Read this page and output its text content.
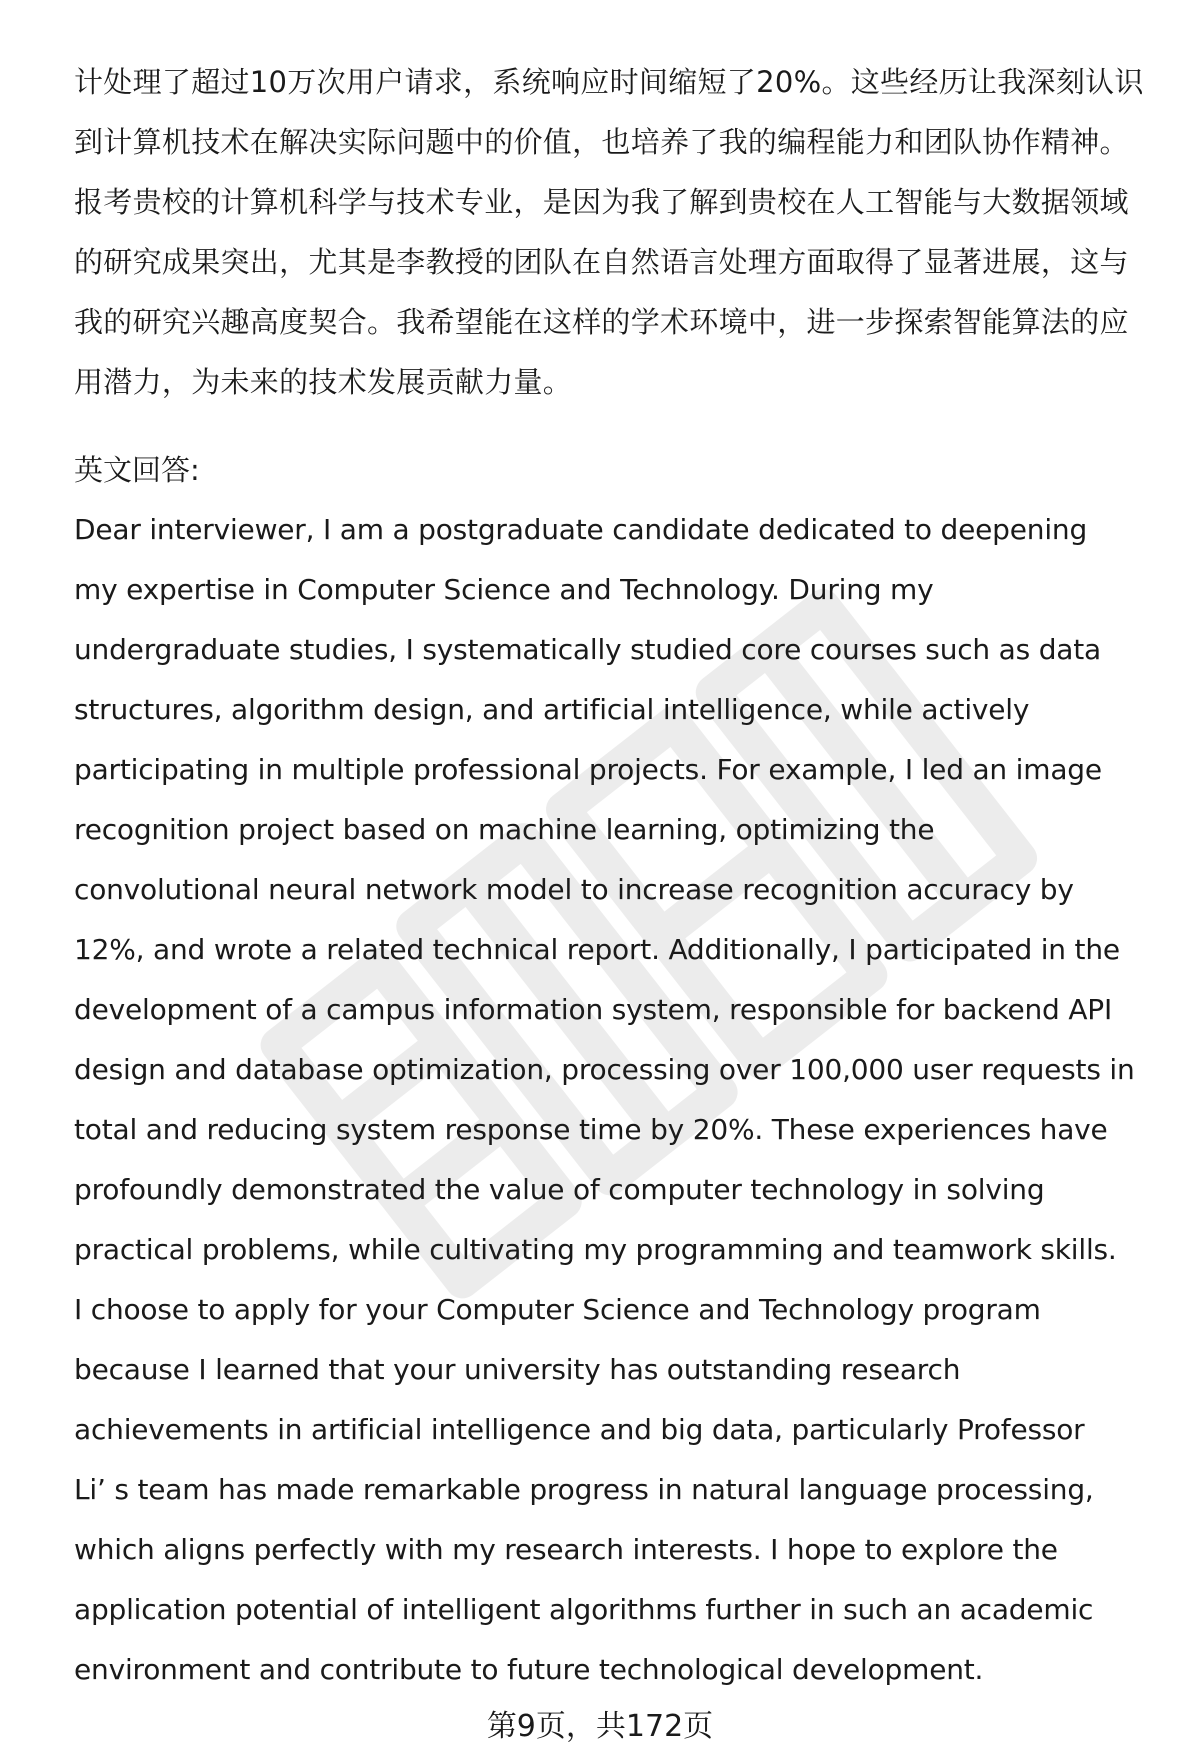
计处理了超过10万次用户请求，系统响应时间缩短了20%。这些经历让我深刻认识
到计算机技术在解决实际问题中的价值，也培养了我的编程能力和团队协作精神。
报考贵校的计算机科学与技术专业，是因为我了解到贵校在人工智能与大数据领域
的研究成果突出，尤其是李教授的团队在自然语言处理方面取得了显著进展，这与
我的研究兴趣高度契合。我希望能在这样的学术环境中，进一步探索智能算法的应
用潜力，为未来的技术发展贡献力量。
英文回答:
Dear interviewer, I am a postgraduate candidate dedicated to deepening
my expertise in Computer Science and Technology. During my
undergraduate studies, I systematically studied core courses such as data
structures, algorithm design, and artificial intelligence, while actively
participating in multiple professional projects. For example, I led an image
recognition project based on machine learning, optimizing the
convolutional neural network model to increase recognition accuracy by
12%, and wrote a related technical report. Additionally, I participated in the
development of a campus information system, responsible for backend API
design and database optimization, processing over 100,000 user requests in
total and reducing system response time by 20%. These experiences have
profoundly demonstrated the value of computer technology in solving
practical problems, while cultivating my programming and teamwork skills.
I choose to apply for your Computer Science and Technology program
because I learned that your university has outstanding research
achievements in artificial intelligence and big data, particularly Professor
Li’ s team has made remarkable progress in natural language processing,
which aligns perfectly with my research interests. I hope to explore the
application potential of intelligent algorithms further in such an academic
environment and contribute to future technological development.
第9页，共172页
